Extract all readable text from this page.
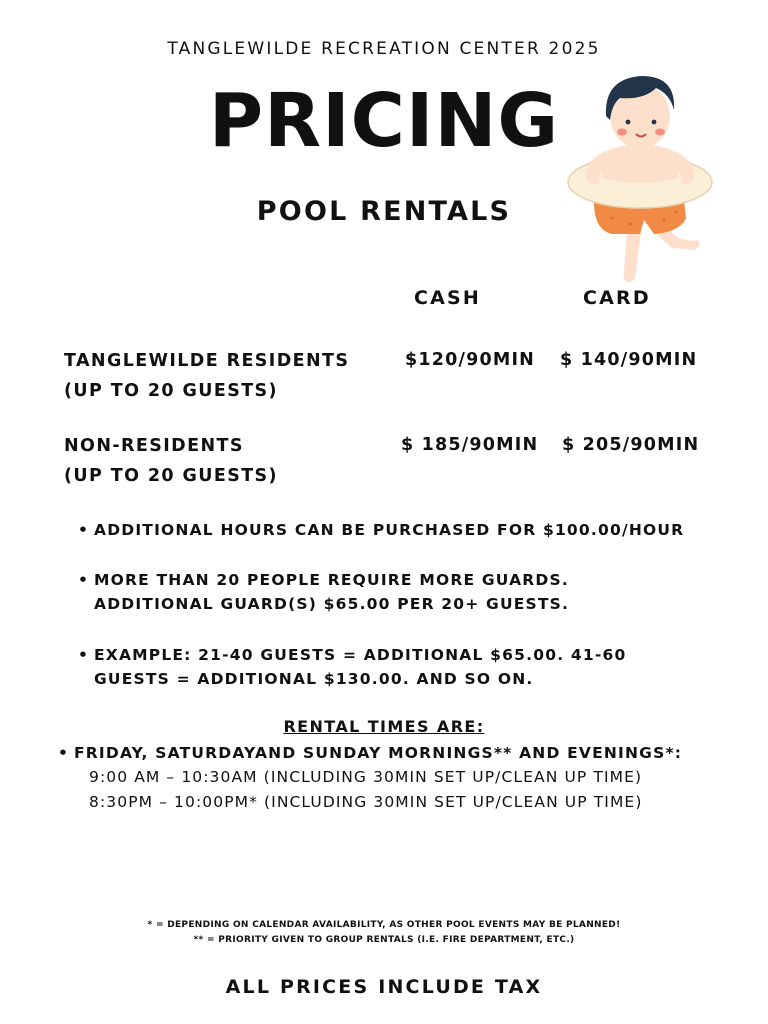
TANGLEWILDE RECREATION CENTER 2025
PRICING
POOL RENTALS
CASH	CARD
TANGLEWILDE RESIDENTS
(UP TO 20 GUESTS)
$120/90MIN $ 140/90MIN
NON-RESIDENTS
(UP TO 20 GUESTS)
$ 185/90MIN $ 205/90MIN
• ADDITIONAL HOURS CAN BE PURCHASED FOR $100.00/HOUR
• MORE THAN 20 PEOPLE REQUIRE MORE GUARDS.
ADDITIONAL GUARD(S) $65.00 PER 20+ GUESTS.
• EXAMPLE: 21-40 GUESTS = ADDITIONAL $65.00. 41-60
GUESTS = ADDITIONAL $130.00. AND SO ON.
RENTAL TIMES ARE:
• FRIDAY, SATURDAYAND SUNDAY MORNINGS** AND EVENINGS*:
9:00 AM – 10:30AM (INCLUDING 30MIN SET UP/CLEAN UP TIME)
8:30PM – 10:00PM* (INCLUDING 30MIN SET UP/CLEAN UP TIME)
* = DEPENDING ON CALENDAR AVAILABILITY, AS OTHER POOL EVENTS MAY BE PLANNED!
** = PRIORITY GIVEN TO GROUP RENTALS (I.E. FIRE DEPARTMENT, ETC.)
ALL PRICES INCLUDE TAX
